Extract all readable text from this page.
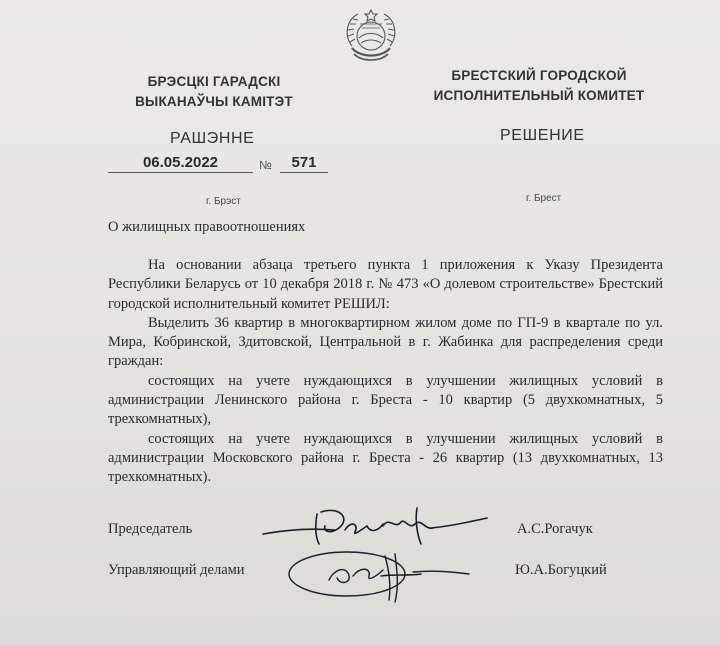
БРЭСЦКІ ГАРАДСКІ
ВЫКАНАЎЧЫ КАМІТЭТ
БРЕСТСКИЙ ГОРОДСКОЙ
ИСПОЛНИТЕЛЬНЫЙ КОМИТЕТ
РАШЭННЕ	РЕШЕНИЕ
06.05.2022	№	571
г. Брэст	г. Брест
О жилищных правоотношениях

На основании абзаца третьего пункта 1 приложения к Указу Президента Республики Беларусь от 10 декабря 2018 г. № 473 «О долевом строительстве» Брестский городской исполнительный комитет РЕШИЛ:

Выделить 36 квартир в многоквартирном жилом доме по ГП-9 в квартале по ул. Мира, Кобринской, Здитовской, Центральной в г. Жабинка для распределения среди граждан:

состоящих на учете нуждающихся в улучшении жилищных условий в администрации Ленинского района г. Бреста - 10 квартир (5 двухкомнатных, 5 трехкомнатных),

состоящих на учете нуждающихся в улучшении жилищных условий в администрации Московского района г. Бреста - 26 квартир (13 двухкомнатных, 13 трехкомнатных).

Председатель	А.С.Рогачук
Управляющий делами	Ю.А.Богуцкий
